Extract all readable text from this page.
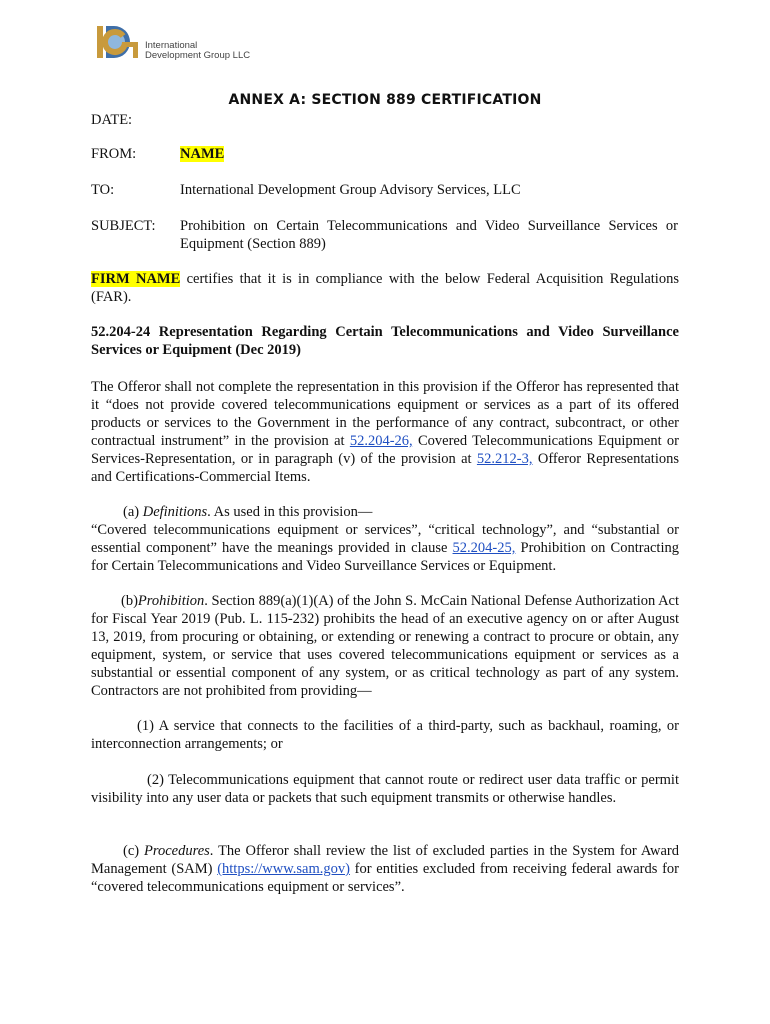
International
Development Group LLC
ANNEX A: SECTION 889 CERTIFICATION
DATE:
FROM:	NAME
TO:	International Development Group Advisory Services, LLC
SUBJECT: Prohibition on Certain Telecommunications and Video Surveillance Services or Equipment (Section 889)
FIRM NAME certifies that it is in compliance with the below Federal Acquisition Regulations (FAR).
52.204-24 Representation Regarding Certain Telecommunications and Video Surveillance Services or Equipment (Dec 2019)
The Offeror shall not complete the representation in this provision if the Offeror has represented that it “does not provide covered telecommunications equipment or services as a part of its offered products or services to the Government in the performance of any contract, subcontract, or other contractual instrument” in the provision at 52.204-26, Covered Telecommunications Equipment or Services-Representation, or in paragraph (v) of the provision at 52.212-3, Offeror Representations and Certifications-Commercial Items.
(a) Definitions. As used in this provision—
“Covered telecommunications equipment or services”, “critical technology”, and “substantial or essential component” have the meanings provided in clause 52.204-25, Prohibition on Contracting for Certain Telecommunications and Video Surveillance Services or Equipment.
(b)Prohibition. Section 889(a)(1)(A) of the John S. McCain National Defense Authorization Act for Fiscal Year 2019 (Pub. L. 115-232) prohibits the head of an executive agency on or after August 13, 2019, from procuring or obtaining, or extending or renewing a contract to procure or obtain, any equipment, system, or service that uses covered telecommunications equipment or services as a substantial or essential component of any system, or as critical technology as part of any system. Contractors are not prohibited from providing—
(1) A service that connects to the facilities of a third-party, such as backhaul, roaming, or interconnection arrangements; or
(2) Telecommunications equipment that cannot route or redirect user data traffic or permit visibility into any user data or packets that such equipment transmits or otherwise handles.
(c) Procedures. The Offeror shall review the list of excluded parties in the System for Award Management (SAM) (https://www.sam.gov) for entities excluded from receiving federal awards for “covered telecommunications equipment or services”.
